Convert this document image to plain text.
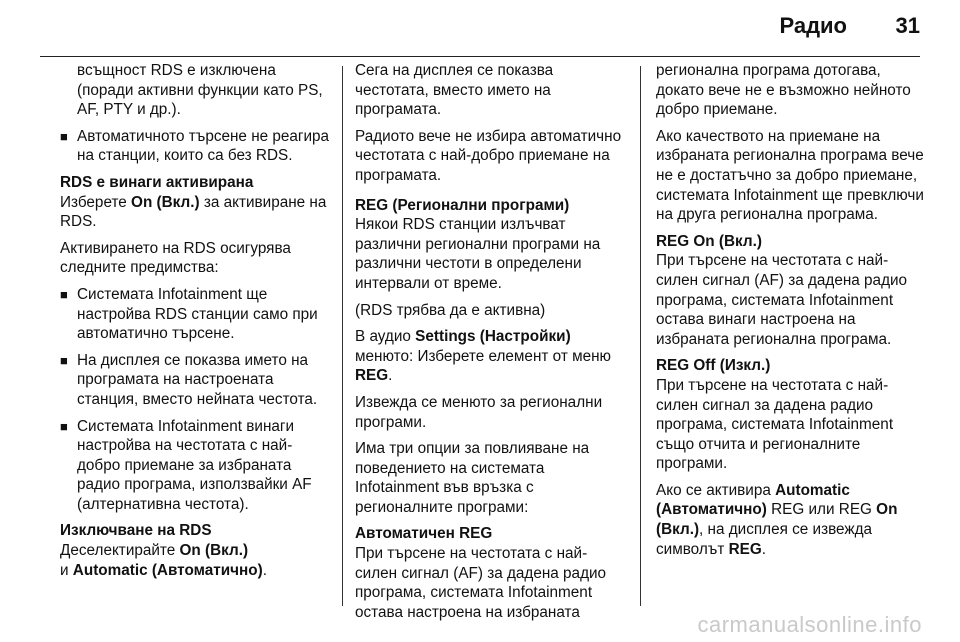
Радио 31

всъщност RDS е изключена (поради активни функции като PS, AF, PTY и др.).

■ Автоматичното търсене не реагира на станции, които са без RDS.

RDS е винаги активирана

Изберете On (Вкл.) за активиране на RDS.

Активирането на RDS осигурява следните предимства:

■ Системата Infotainment ще настройва RDS станции само при автоматично търсене.
■ На дисплея се показва името на програмата на настроената станция, вместо нейната честота.
■ Системата Infotainment винаги настройва на честотата с най-добро приемане за избраната радио програма, използвайки AF (алтернативна честота).

Изключване на RDS

Деселектирайте On (Вкл.)
и Automatic (Автоматично).

Сега на дисплея се показва честотата, вместо името на програмата.

Радиото вече не избира автоматично честотата с най-добро приемане на програмата.

REG (Регионални програми)

Някои RDS станции излъчват различни регионални програми на различни честоти в определени интервали от време.

(RDS трябва да е активна)

В аудио Settings (Настройки) менюто: Изберете елемент от меню REG.

Извежда се менюто за регионални програми.

Има три опции за повлияване на поведението на системата Infotainment във връзка с регионалните програми:

Автоматичен REG

При търсене на честотата с най-силен сигнал (AF) за дадена радио програма, системата Infotainment остава настроена на избраната

регионална програма дотогава, докато вече не е възможно нейното добро приемане.

Ако качеството на приемане на избраната регионална програма вече не е достатъчно за добро приемане, системата Infotainment ще превключи на друга регионална програма.

REG On (Вкл.)

При търсене на честотата с най-силен сигнал (AF) за дадена радио програма, системата Infotainment остава винаги настроена на избраната регионална програма.

REG Off (Изкл.)

При търсене на честотата с най-силен сигнал за дадена радио програма, системата Infotainment също отчита и регионалните програми.

Ако се активира Automatic (Автоматично) REG или REG On (Вкл.), на дисплея се извежда символът REG.

carmanualsonline.info
